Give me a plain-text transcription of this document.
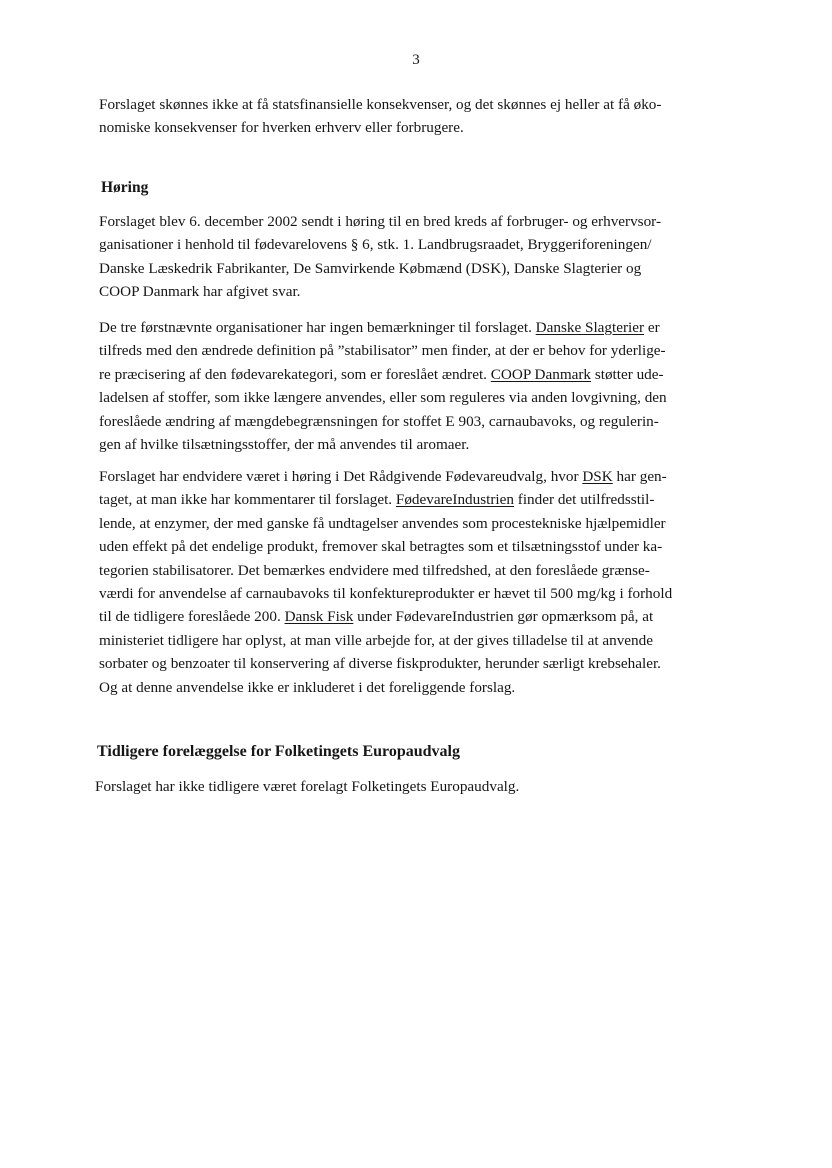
3

Forslaget skønnes ikke at få statsfinansielle konsekvenser, og det skønnes ej heller at få øko-
nomiske konsekvenser for hverken erhverv eller forbrugere.

Høring

Forslaget blev 6. december 2002 sendt i høring til en bred kreds af forbruger- og erhvervsor-
ganisationer i henhold til fødevarelovens § 6, stk. 1. Landbrugsraadet, Bryggeriforeningen/
Danske Læskedrik Fabrikanter, De Samvirkende Købmænd (DSK), Danske Slagterier og
COOP Danmark har afgivet svar.

De tre førstnævnte organisationer har ingen bemærkninger til forslaget. Danske Slagterier er
tilfreds med den ændrede definition på ”stabilisator” men finder, at der er behov for yderlige-
re præcisering af den fødevarekategori, som er foreslået ændret. COOP Danmark støtter ude-
ladelsen af stoffer, som ikke længere anvendes, eller som reguleres via anden lovgivning, den
foreslåede ændring af mængdebegrænsningen for stoffet E 903, carnaubavoks, og regulerin-
gen af hvilke tilsætningsstoffer, der må anvendes til aromaer.

Forslaget har endvidere været i høring i Det Rådgivende Fødevareudvalg, hvor DSK har gen-
taget, at man ikke har kommentarer til forslaget. FødevareIndustrien finder det utilfredsstil-
lende, at enzymer, der med ganske få undtagelser anvendes som procestekniske hjælpemidler
uden effekt på det endelige produkt, fremover skal betragtes som et tilsætningsstof under ka-
tegorien stabilisatorer. Det bemærkes endvidere med tilfredshed, at den foreslåede grænse-
værdi for anvendelse af carnaubavoks til konfektureprodukter er hævet til 500 mg/kg i forhold
til de tidligere foreslåede 200. Dansk Fisk under FødevareIndustrien gør opmærksom på, at
ministeriet tidligere har oplyst, at man ville arbejde for, at der gives tilladelse til at anvende
sorbater og benzoater til konservering af diverse fiskprodukter, herunder særligt krebsehaler.
Og at denne anvendelse ikke er inkluderet i det foreliggende forslag.

Tidligere forelæggelse for Folketingets Europaudvalg

Forslaget har ikke tidligere været forelagt Folketingets Europaudvalg.
